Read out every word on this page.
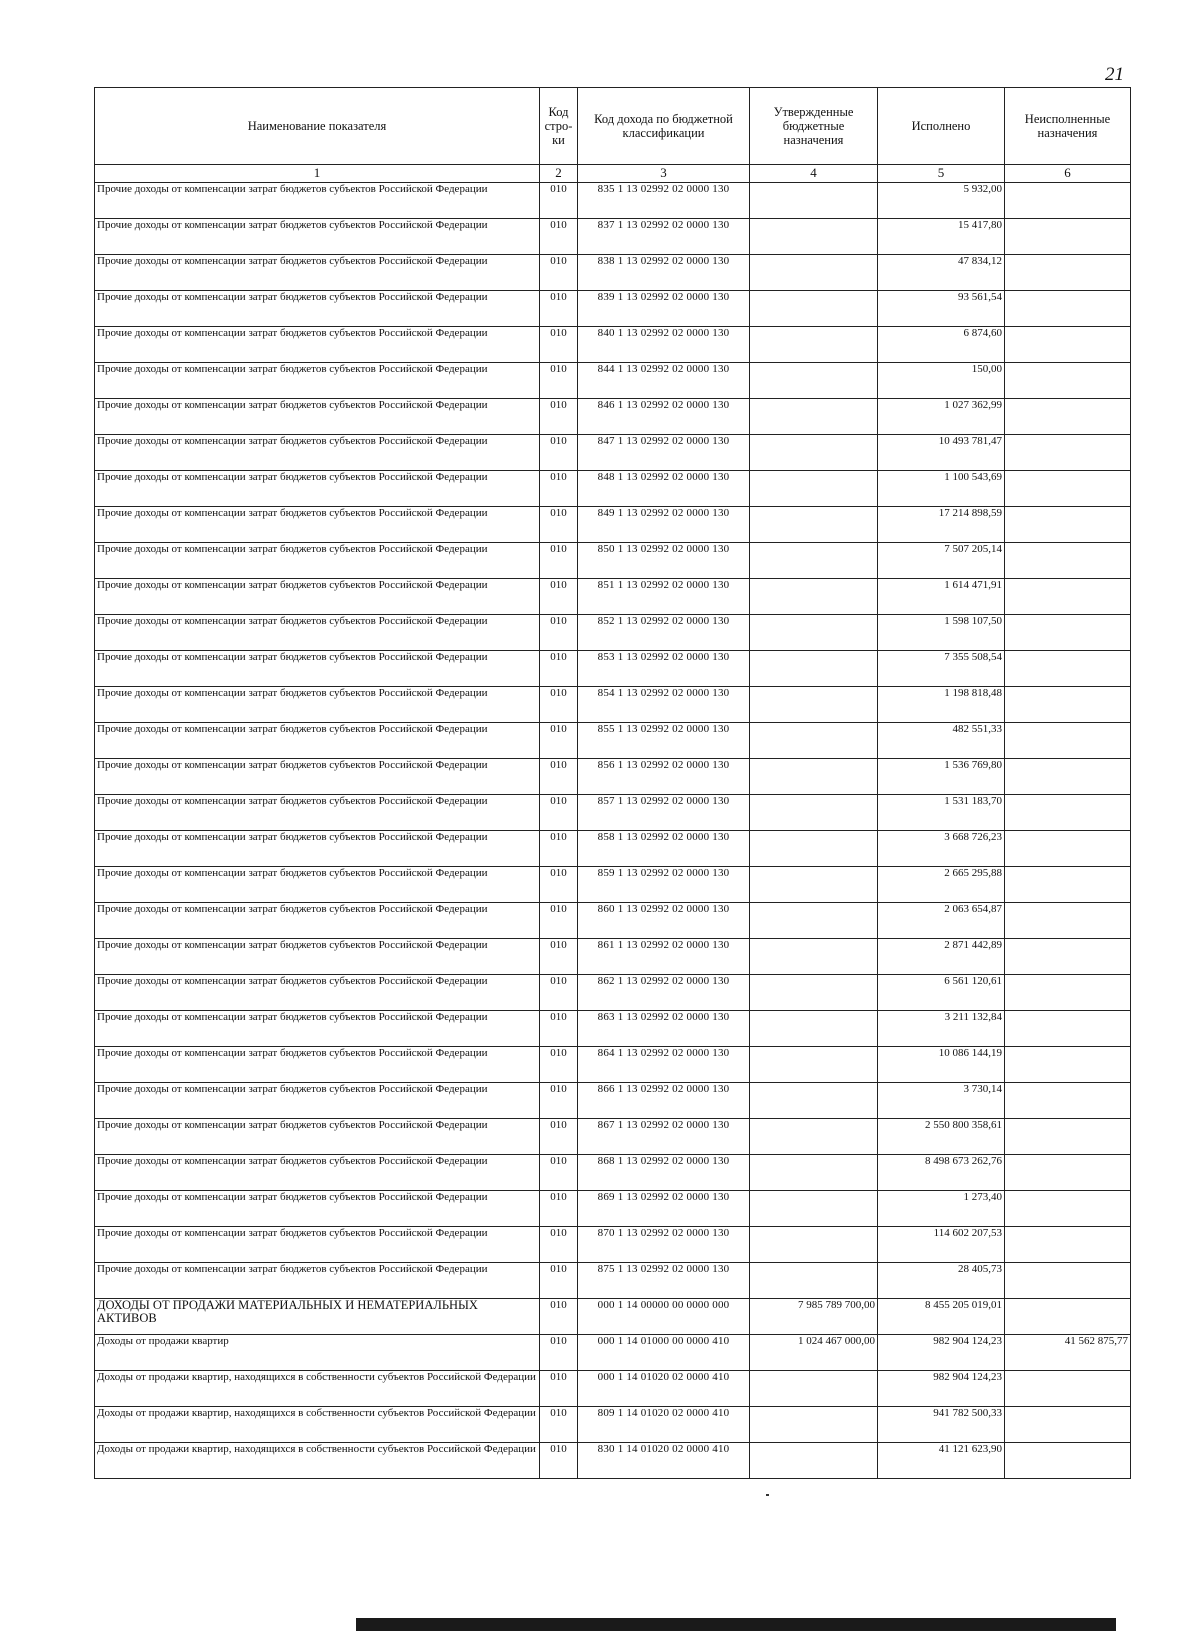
21
Наименование показателя	Код стро-ки	Код дохода по бюджетной классификации	Утвержденные бюджетные назначения	Исполнено	Неисполненные назначения
1	2	3	4	5	6
Прочие доходы от компенсации затрат бюджетов субъектов Российской Федерации	010	835 1 13 02992 02 0000 130		5 932,00	
Прочие доходы от компенсации затрат бюджетов субъектов Российской Федерации	010	837 1 13 02992 02 0000 130		15 417,80	
Прочие доходы от компенсации затрат бюджетов субъектов Российской Федерации	010	838 1 13 02992 02 0000 130		47 834,12	
Прочие доходы от компенсации затрат бюджетов субъектов Российской Федерации	010	839 1 13 02992 02 0000 130		93 561,54	
Прочие доходы от компенсации затрат бюджетов субъектов Российской Федерации	010	840 1 13 02992 02 0000 130		6 874,60	
Прочие доходы от компенсации затрат бюджетов субъектов Российской Федерации	010	844 1 13 02992 02 0000 130		150,00	
Прочие доходы от компенсации затрат бюджетов субъектов Российской Федерации	010	846 1 13 02992 02 0000 130		1 027 362,99	
Прочие доходы от компенсации затрат бюджетов субъектов Российской Федерации	010	847 1 13 02992 02 0000 130		10 493 781,47	
Прочие доходы от компенсации затрат бюджетов субъектов Российской Федерации	010	848 1 13 02992 02 0000 130		1 100 543,69	
Прочие доходы от компенсации затрат бюджетов субъектов Российской Федерации	010	849 1 13 02992 02 0000 130		17 214 898,59	
Прочие доходы от компенсации затрат бюджетов субъектов Российской Федерации	010	850 1 13 02992 02 0000 130		7 507 205,14	
Прочие доходы от компенсации затрат бюджетов субъектов Российской Федерации	010	851 1 13 02992 02 0000 130		1 614 471,91	
Прочие доходы от компенсации затрат бюджетов субъектов Российской Федерации	010	852 1 13 02992 02 0000 130		1 598 107,50	
Прочие доходы от компенсации затрат бюджетов субъектов Российской Федерации	010	853 1 13 02992 02 0000 130		7 355 508,54	
Прочие доходы от компенсации затрат бюджетов субъектов Российской Федерации	010	854 1 13 02992 02 0000 130		1 198 818,48	
Прочие доходы от компенсации затрат бюджетов субъектов Российской Федерации	010	855 1 13 02992 02 0000 130		482 551,33	
Прочие доходы от компенсации затрат бюджетов субъектов Российской Федерации	010	856 1 13 02992 02 0000 130		1 536 769,80	
Прочие доходы от компенсации затрат бюджетов субъектов Российской Федерации	010	857 1 13 02992 02 0000 130		1 531 183,70	
Прочие доходы от компенсации затрат бюджетов субъектов Российской Федерации	010	858 1 13 02992 02 0000 130		3 668 726,23	
Прочие доходы от компенсации затрат бюджетов субъектов Российской Федерации	010	859 1 13 02992 02 0000 130		2 665 295,88	
Прочие доходы от компенсации затрат бюджетов субъектов Российской Федерации	010	860 1 13 02992 02 0000 130		2 063 654,87	
Прочие доходы от компенсации затрат бюджетов субъектов Российской Федерации	010	861 1 13 02992 02 0000 130		2 871 442,89	
Прочие доходы от компенсации затрат бюджетов субъектов Российской Федерации	010	862 1 13 02992 02 0000 130		6 561 120,61	
Прочие доходы от компенсации затрат бюджетов субъектов Российской Федерации	010	863 1 13 02992 02 0000 130		3 211 132,84	
Прочие доходы от компенсации затрат бюджетов субъектов Российской Федерации	010	864 1 13 02992 02 0000 130		10 086 144,19	
Прочие доходы от компенсации затрат бюджетов субъектов Российской Федерации	010	866 1 13 02992 02 0000 130		3 730,14	
Прочие доходы от компенсации затрат бюджетов субъектов Российской Федерации	010	867 1 13 02992 02 0000 130		2 550 800 358,61	
Прочие доходы от компенсации затрат бюджетов субъектов Российской Федерации	010	868 1 13 02992 02 0000 130		8 498 673 262,76	
Прочие доходы от компенсации затрат бюджетов субъектов Российской Федерации	010	869 1 13 02992 02 0000 130		1 273,40	
Прочие доходы от компенсации затрат бюджетов субъектов Российской Федерации	010	870 1 13 02992 02 0000 130		114 602 207,53	
Прочие доходы от компенсации затрат бюджетов субъектов Российской Федерации	010	875 1 13 02992 02 0000 130		28 405,73	
ДОХОДЫ ОТ ПРОДАЖИ МАТЕРИАЛЬНЫХ И НЕМАТЕРИАЛЬНЫХ АКТИВОВ	010	000 1 14 00000 00 0000 000	7 985 789 700,00	8 455 205 019,01	
Доходы от продажи квартир	010	000 1 14 01000 00 0000 410	1 024 467 000,00	982 904 124,23	41 562 875,77
Доходы от продажи квартир, находящихся в собственности субъектов Российской Федерации	010	000 1 14 01020 02 0000 410		982 904 124,23	
Доходы от продажи квартир, находящихся в собственности субъектов Российской Федерации	010	809 1 14 01020 02 0000 410		941 782 500,33	
Доходы от продажи квартир, находящихся в собственности субъектов Российской Федерации	010	830 1 14 01020 02 0000 410		41 121 623,90	
